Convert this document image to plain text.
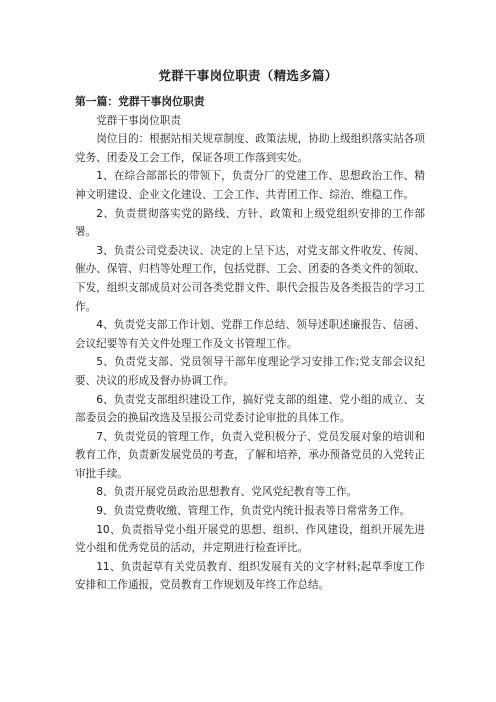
党群干事岗位职责（精选多篇）

第一篇：党群干事岗位职责

党群干事岗位职责

岗位目的：根据站相关规章制度、政策法规，协助上级组织落实站各项党务、团委及工会工作，保证各项工作落到实处。

1、在综合部部长的带领下，负责分厂的党建工作、思想政治工作、精神文明建设、企业文化建设、工会工作、共青团工作、综治、维稳工作。

2、负责贯彻落实党的路线、方针、政策和上级党组织安排的工作部署。

3、负责公司党委决议、决定的上呈下达，对党支部文件收发、传阅、催办、保管、归档等处理工作，包括党群、工会、团委的各类文件的领取、下发，组织支部成员对公司各类党群文件、职代会报告及各类报告的学习工作。

4、负责党支部工作计划、党群工作总结、领导述职述廉报告、信函、会议纪要等有关文件处理工作及文书管理工作。

5、负责党支部、党员领导干部年度理论学习安排工作;党支部会议纪要、决议的形成及督办协调工作。

6、负责党支部组织建设工作，搞好党支部的组建、党小组的成立、支部委员会的换届改选及呈报公司党委讨论审批的具体工作。

7、负责党员的管理工作，负责入党积极分子、党员发展对象的培训和教育工作，负责新发展党员的考查，了解和培养，承办预备党员的入党转正审批手续。

8、负责开展党员政治思想教育、党风党纪教育等工作。

9、负责党费收缴、管理工作，负责党内统计报表等日常常务工作。

10、负责指导党小组开展党的思想、组织、作风建设，组织开展先进党小组和优秀党员的活动，并定期进行检查评比。

11、负责起草有关党员教育、组织发展有关的文字材料;起草季度工作安排和工作通报，党员教育工作规划及年终工作总结。
